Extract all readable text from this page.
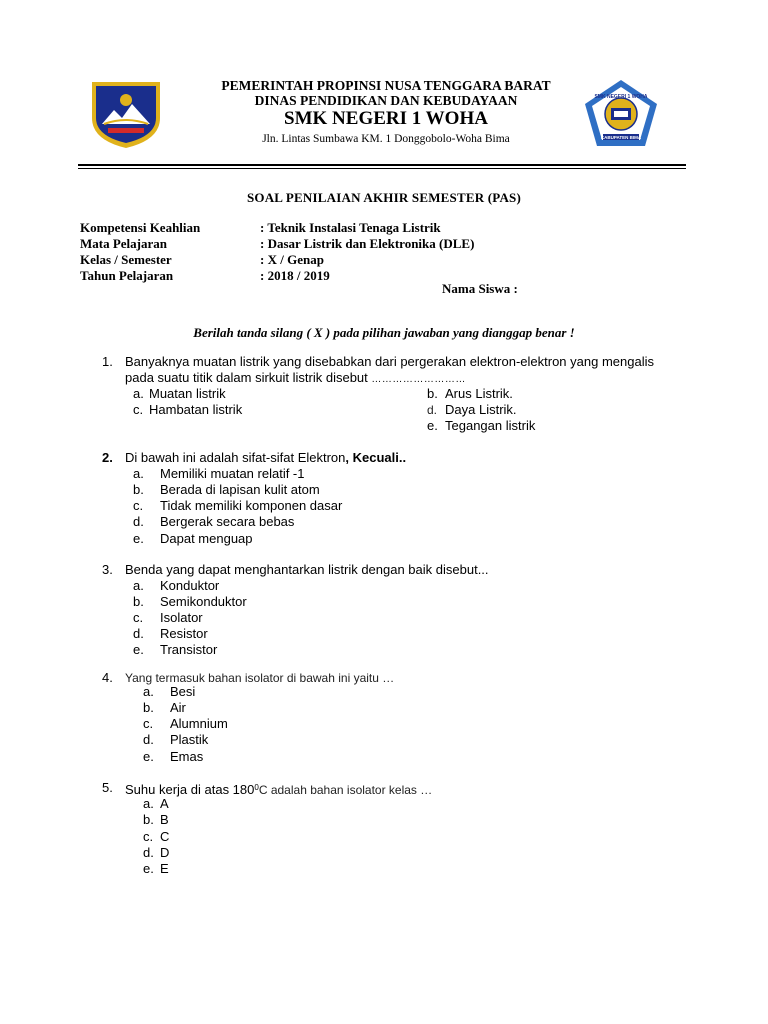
PEMERINTAH PROPINSI NUSA TENGGARA BARAT
DINAS PENDIDIKAN DAN KEBUDAYAAN
SMK NEGERI 1 WOHA
Jln. Lintas Sumbawa KM. 1 Donggobolo-Woha Bima
SMK NEGERI 1 WOHA
KABUPATEN BIMA
SOAL PENILAIAN AKHIR SEMESTER (PAS)
Kompetensi Keahlian	: Teknik Instalasi Tenaga Listrik
Mata Pelajaran	: Dasar Listrik dan Elektronika (DLE)
Kelas / Semester	: X / Genap
Tahun Pelajaran	: 2018 / 2019
Nama Siswa :
Berilah tanda silang ( X ) pada pilihan jawaban yang dianggap benar !
1. Banyaknya muatan listrik yang disebabkan dari pergerakan elektron-elektron yang mengalis
pada suatu titik dalam sirkuit listrik disebut ………………………
a. Muatan listrik	b. Arus Listrik.
c. Hambatan listrik	d. Daya Listrik.
e. Tegangan listrik
2. Di bawah ini adalah sifat-sifat Elektron, Kecuali..
a. Memiliki muatan relatif -1
b. Berada di lapisan kulit atom
c. Tidak memiliki komponen dasar
d. Bergerak secara bebas
e. Dapat menguap
3. Benda yang dapat menghantarkan listrik dengan baik disebut...
a. Konduktor
b. Semikonduktor
c. Isolator
d. Resistor
e. Transistor
4. Yang termasuk bahan isolator di bawah ini yaitu …
a. Besi
b. Air
c. Alumnium
d. Plastik
e. Emas
5. Suhu kerja di atas $180^0C$ adalah bahan isolator kelas …
a. A
b. B
c. C
d. D
e. E
